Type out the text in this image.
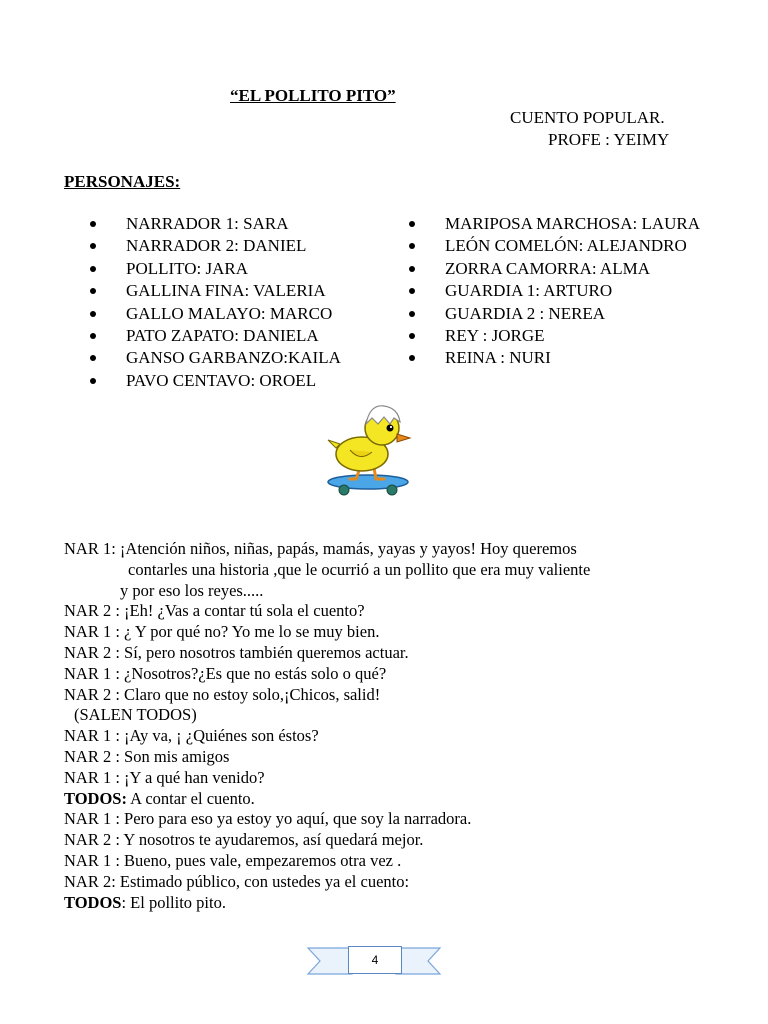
“EL POLLITO PITO”
CUENTO POPULAR.
PROFE : YEIMY
PERSONAJES:
NARRADOR 1: SARA
NARRADOR 2: DANIEL
POLLITO: JARA
GALLINA FINA: VALERIA
GALLO MALAYO: MARCO
PATO ZAPATO: DANIELA
GANSO GARBANZO:KAILA
PAVO CENTAVO: OROEL
MARIPOSA MARCHOSA: LAURA
LEÓN COMELÓN: ALEJANDRO
ZORRA CAMORRA: ALMA
GUARDIA 1: ARTURO
GUARDIA 2 : NEREA
REY : JORGE
REINA : NURI
NAR 1: ¡Atención niños, niñas, papás, mamás, yayas y yayos! Hoy queremos
contarles una historia ,que le ocurrió a un pollito que era muy valiente
y por eso los reyes.....
NAR 2 : ¡Eh! ¿Vas a contar tú sola el cuento?
NAR 1 : ¿ Y por qué no? Yo me lo se muy bien.
NAR 2 : Sí, pero nosotros también queremos actuar.
NAR 1 : ¿Nosotros?¿Es que no estás solo o qué?
NAR 2 : Claro que no estoy solo,¡Chicos, salid!
(SALEN TODOS)
NAR 1 : ¡Ay va, ¡ ¿Quiénes son éstos?
NAR 2 : Son mis amigos
NAR 1 : ¡Y a qué han venido?
TODOS: A contar el cuento.
NAR 1 : Pero para eso ya estoy yo aquí, que soy la narradora.
NAR 2 : Y nosotros te ayudaremos, así quedará mejor.
NAR 1 : Bueno, pues vale, empezaremos otra vez .
NAR 2: Estimado público, con ustedes ya el cuento:
TODOS: El pollito pito.
4
